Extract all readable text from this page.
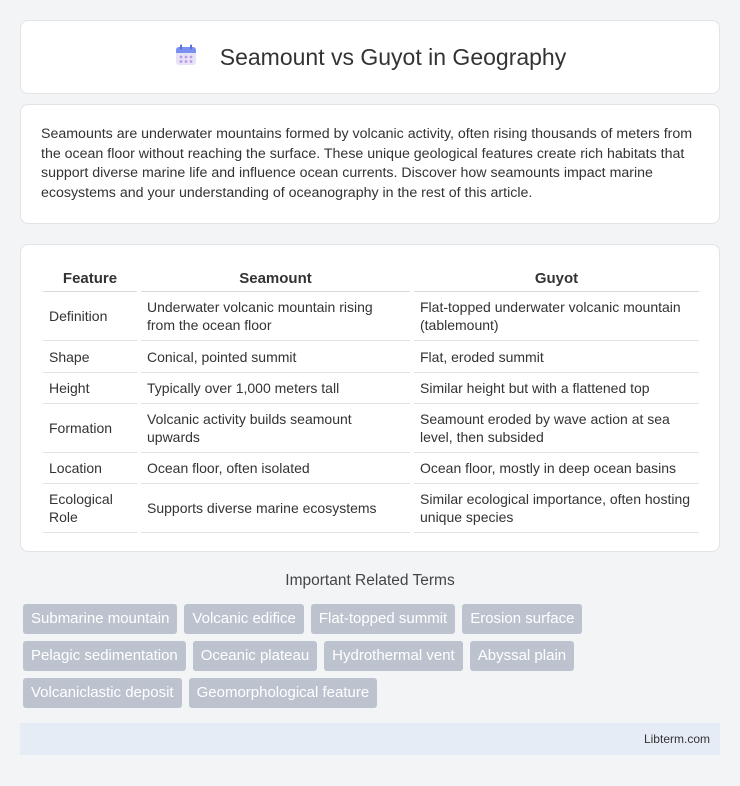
Seamount vs Guyot in Geography

Seamounts are underwater mountains formed by volcanic activity, often rising thousands of meters from the ocean floor without reaching the surface. These unique geological features create rich habitats that support diverse marine life and influence ocean currents. Discover how seamounts impact marine ecosystems and your understanding of oceanography in the rest of this article.

Feature		Seamount		Guyot
Definition		Underwater volcanic mountain rising from the ocean floor		Flat-topped underwater volcanic mountain (tablemount)
Shape		Conical, pointed summit		Flat, eroded summit
Height		Typically over 1,000 meters tall		Similar height but with a flattened top
Formation		Volcanic activity builds seamount upwards		Seamount eroded by wave action at sea level, then subsided
Location		Ocean floor, often isolated		Ocean floor, mostly in deep ocean basins
Ecological Role		Supports diverse marine ecosystems		Similar ecological importance, often hosting unique species
Important Related Terms
Submarine mountain	Volcanic edifice	Flat-topped summit	Erosion surface
Pelagic sedimentation	Oceanic plateau	Hydrothermal vent	Abyssal plain
Volcaniclastic deposit	Geomorphological feature
Libterm.com
